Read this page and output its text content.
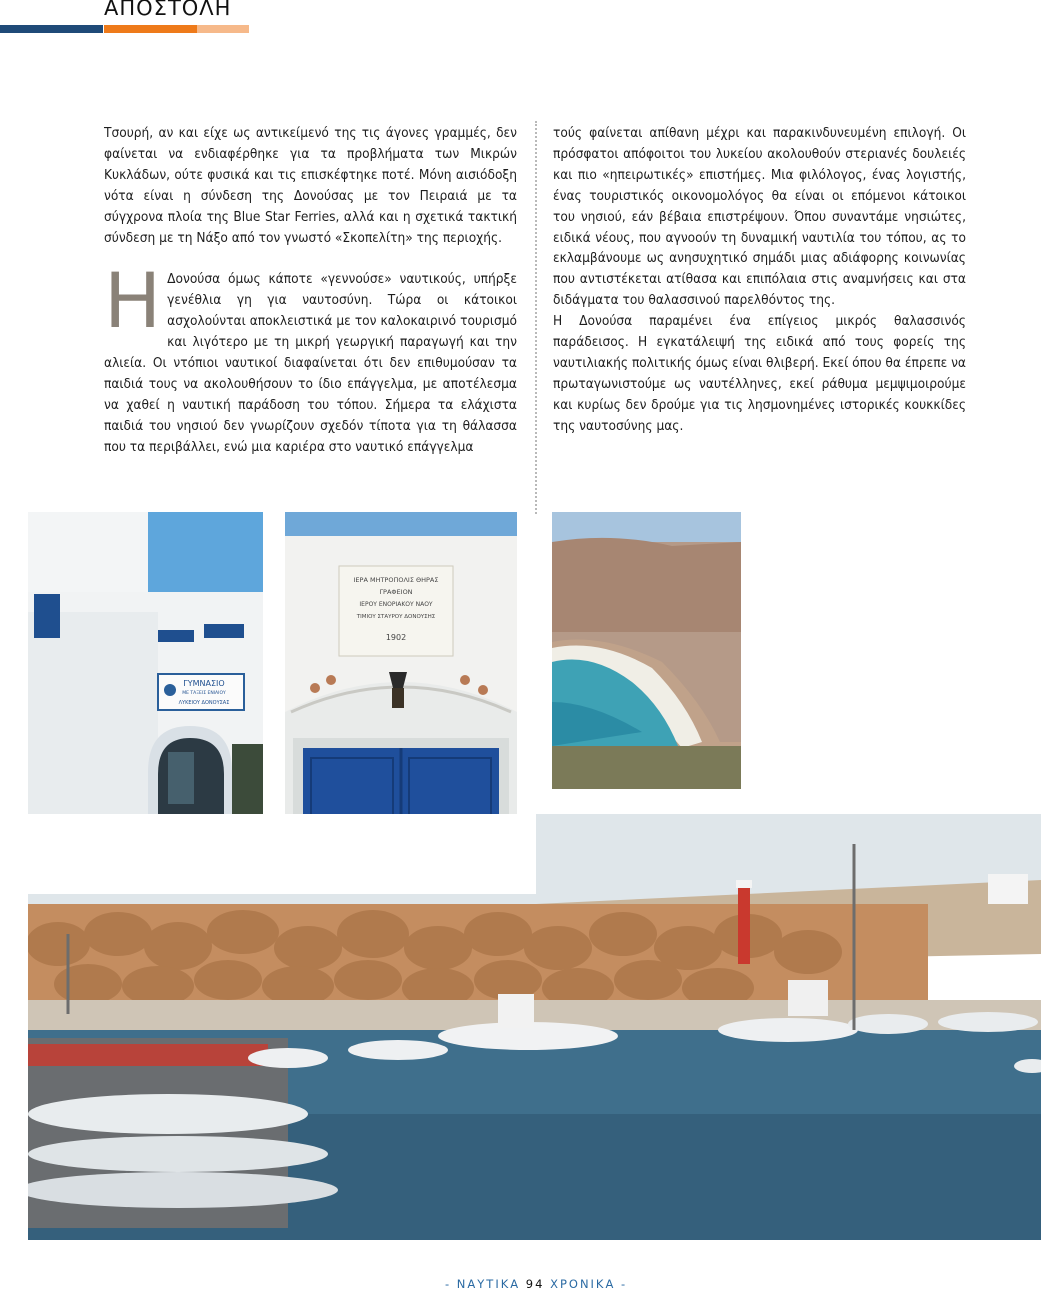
ΑΠΟΣΤΟΛΗ

Τσουρή, αν και είχε ως αντικείμενό της τις άγονες γραμμές, δεν φαίνεται να ενδιαφέρθηκε για τα προβλήματα των Μικρών Κυκλάδων, ούτε φυσικά και τις επισκέφτηκε ποτέ. Μόνη αισιόδοξη νότα είναι η σύνδεση της Δονούσας με τον Πειραιά με τα σύγχρονα πλοία της Blue Star Ferries, αλλά και η σχετικά τακτική σύνδεση με τη Νάξο από τον γνωστό «Σκοπελίτη» της περιοχής.

Η Δονούσα όμως κάποτε «γεννούσε» ναυτικούς, υπήρξε γενέθλια γη για ναυτοσύνη. Τώρα οι κάτοικοι ασχολούνται αποκλειστικά με τον καλοκαιρινό τουρισμό και λιγότερο με τη μικρή γεωργική παραγωγή και την αλιεία. Οι ντόπιοι ναυτικοί διαφαίνεται ότι δεν επιθυμούσαν τα παιδιά τους να ακολουθήσουν το ίδιο επάγγελμα, με αποτέλεσμα να χαθεί η ναυτική παράδοση του τόπου. Σήμερα τα ελάχιστα παιδιά του νησιού δεν γνωρίζουν σχεδόν τίποτα για τη θάλασσα που τα περιβάλλει, ενώ μια καριέρα στο ναυτικό επάγγελμα

τούς φαίνεται απίθανη μέχρι και παρακινδυνευμένη επιλογή. Οι πρόσφατοι απόφοιτοι του λυκείου ακολουθούν στεριανές δουλειές και πιο «ηπειρωτικές» επιστήμες. Μια φιλόλογος, ένας λογιστής, ένας τουριστικός οικονομολόγος θα είναι οι επόμενοι κάτοικοι του νησιού, εάν βέβαια επιστρέψουν. Όπου συναντάμε νησιώτες, ειδικά νέους, που αγνοούν τη δυναμική ναυτιλία του τόπου, ας το εκλαμβάνουμε ως ανησυχητικό σημάδι μιας αδιάφορης κοινωνίας που αντιστέκεται ατίθασα και επιπόλαια στις αναμνήσεις και στα διδάγματα του θαλασσινού παρελθόντος της.

Η Δονούσα παραμένει ένα επίγειος μικρός θαλασσινός παράδεισος. Η εγκατάλειψή της ειδικά από τους φορείς της ναυτιλιακής πολιτικής όμως είναι θλιβερή. Εκεί όπου θα έπρεπε να πρωταγωνιστούμε ως ναυτέλληνες, εκεί ράθυμα μεμψιμοιρούμε και κυρίως δεν δρούμε για τις λησμονημένες ιστορικές κουκκίδες της ναυτοσύνης μας.

ΓΥΜΝΑΣΙΟ
ΜΕ ΤΑΞΕΙΣ ΕΝΙΑΙΟΥ
ΛΥΚΕΙΟΥ ΔΟΝΟΥΣΑΣ
ΙΕΡΑ ΜΗΤΡΟΠΟΛΙΣ ΘΗΡΑΣ
ΓΡΑΦΕΙΟΝ
ΙΕΡΟΥ ΕΝΟΡΙΑΚΟΥ ΝΑΟΥ
ΤΙΜΙΟΥ ΣΤΑΥΡΟΥ ΔΟΝΟΥΣΗΣ
1902
- ΝΑΥΤΙΚΑ 94 ΧΡΟΝΙΚΑ -
